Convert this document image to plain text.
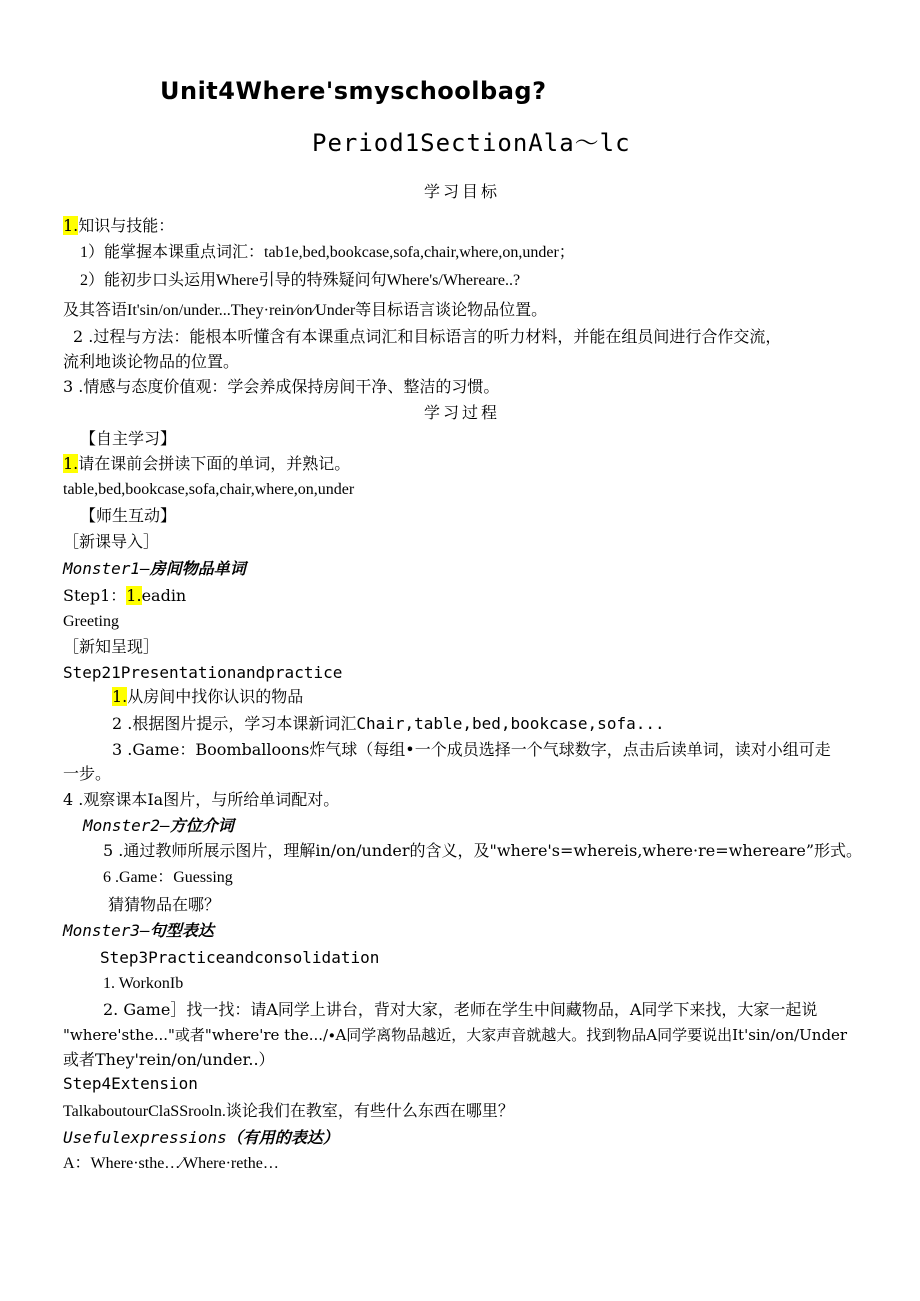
Unit4Where'smyschoolbag?
Period1SectionAla～lc
学习目标
1.知识与技能：
1）能掌握本课重点词汇：tab1e,bed,bookcase,sofa,chair,where,on,under；
2）能初步口头运用Where引导的特殊疑问句Where's/Whereare..?
及其答语It'sin/on/under...They·rein∕on∕Under等目标语言谈论物品位置。
2 .过程与方法：能根本听懂含有本课重点词汇和目标语言的听力材料，并能在组员间进行合作交流，
流利地谈论物品的位置。
3 .情感与态度价值观：学会养成保持房间干净、整洁的习惯。
学习过程
【自主学习】
1.请在课前会拼读下面的单词，并熟记。
table,bed,bookcase,sofa,chair,where,on,under
【师生互动】
［新课导入］
Monster1—房间物品单词
Step1：1.eadin
Greeting
［新知呈现］
Step21Presentationandpractice
1.从房间中找你认识的物品
2 .根据图片提示，学习本课新词汇Chair,table,bed,bookcase,sofa...
3 .Game：Boomballoons炸气球（每组•一个成员选择一个气球数字，点击后读单词，读对小组可走
一步。
4 .观察课本Ia图片，与所给单词配对。
Monster2—方位介词
5 .通过教师所展示图片，理解in/on/under的含义，及"where's=whereis,where·re=whereare”形式。
6 .Game：Guessing
猜猜物品在哪？
Monster3—句型表达
Step3Practiceandconsolidation
1. WorkonIb
2. Game］找一找：请A同学上讲台，背对大家，老师在学生中间藏物品，A同学下来找，大家一起说
"where'sthe..."或者"where're the...∕∙A同学离物品越近，大家声音就越大。找到物品A同学要说出It'sin∕on∕Under
或者They'rein/on/under..）
Step4Extension
TalkaboutourClaSSrooln.谈论我们在教室，有些什么东西在哪里？
Usefulexpressions（有用的表达）
A：Where·sthe…∕Where·rethe…
